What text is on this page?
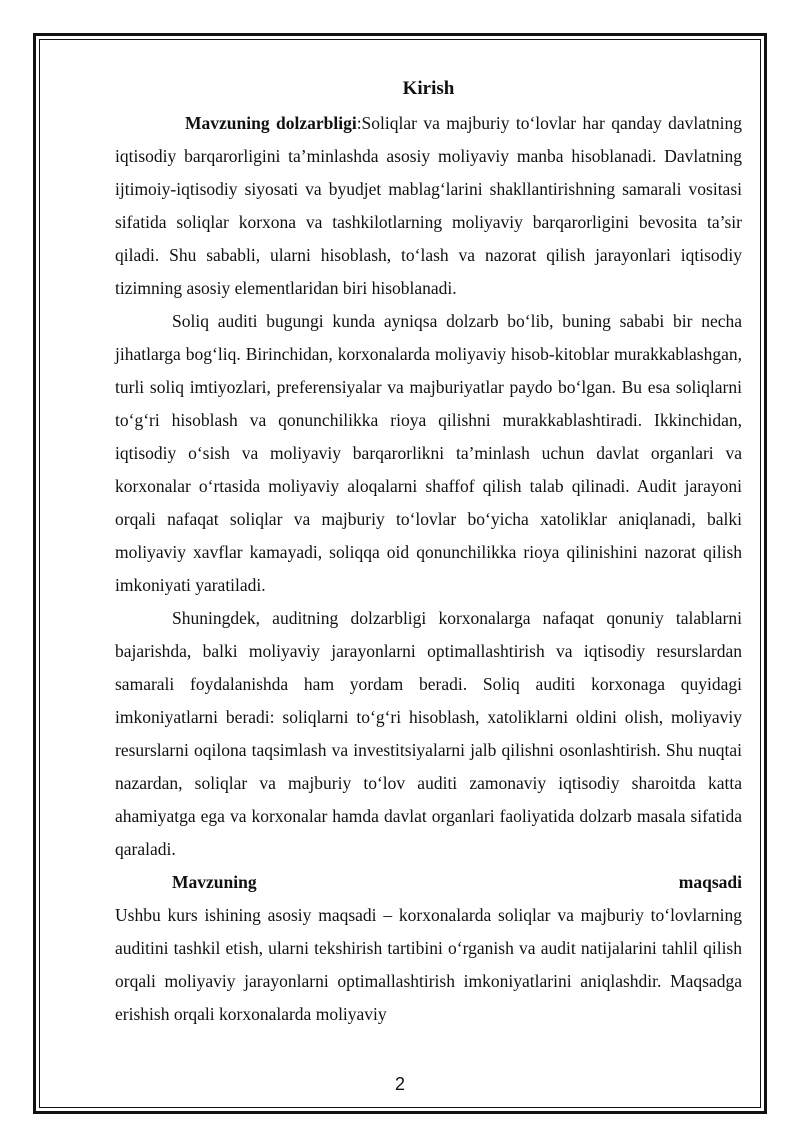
Kirish

Mavzuning dolzarbligi:Soliqlar va majburiy to‘lovlar har qanday davlatning iqtisodiy barqarorligini ta’minlashda asosiy moliyaviy manba hisoblanadi. Davlatning ijtimoiy-iqtisodiy siyosati va byudjet mablag‘larini shakllantirishning samarali vositasi sifatida soliqlar korxona va tashkilotlarning moliyaviy barqarorligini bevosita ta’sir qiladi. Shu sababli, ularni hisoblash, to‘lash va nazorat qilish jarayonlari iqtisodiy tizimning asosiy elementlaridan biri hisoblanadi.

Soliq auditi bugungi kunda ayniqsa dolzarb bo‘lib, buning sababi bir necha jihatlarga bog‘liq. Birinchidan, korxonalarda moliyaviy hisob-kitoblar murakkablashgan, turli soliq imtiyozlari, preferensiyalar va majburiyatlar paydo bo‘lgan. Bu esa soliqlarni to‘g‘ri hisoblash va qonunchilikka rioya qilishni murakkablashtiradi. Ikkinchidan, iqtisodiy o‘sish va moliyaviy barqarorlikni ta’minlash uchun davlat organlari va korxonalar o‘rtasida moliyaviy aloqalarni shaffof qilish talab qilinadi. Audit jarayoni orqali nafaqat soliqlar va majburiy to‘lovlar bo‘yicha xatoliklar aniqlanadi, balki moliyaviy xavflar kamayadi, soliqqa oid qonunchilikka rioya qilinishini nazorat qilish imkoniyati yaratiladi.

Shuningdek, auditning dolzarbligi korxonalarga nafaqat qonuniy talablarni bajarishda, balki moliyaviy jarayonlarni optimallashtirish va iqtisodiy resurslardan samarali foydalanishda ham yordam beradi. Soliq auditi korxonaga quyidagi imkoniyatlarni beradi: soliqlarni to‘g‘ri hisoblash, xatoliklarni oldini olish, moliyaviy resurslarni oqilona taqsimlash va investitsiyalarni jalb qilishni osonlashtirish. Shu nuqtai nazardan, soliqlar va majburiy to‘lov auditi zamonaviy iqtisodiy sharoitda katta ahamiyatga ega va korxonalar hamda davlat organlari faoliyatida dolzarb masala sifatida qaraladi.

Mavzuning	maqsadi

Ushbu kurs ishining asosiy maqsadi – korxonalarda soliqlar va majburiy to‘lovlarning auditini tashkil etish, ularni tekshirish tartibini o‘rganish va audit natijalarini tahlil qilish orqali moliyaviy jarayonlarni optimallashtirish imkoniyatlarini aniqlashdir. Maqsadga erishish orqali korxonalarda moliyaviy

2
